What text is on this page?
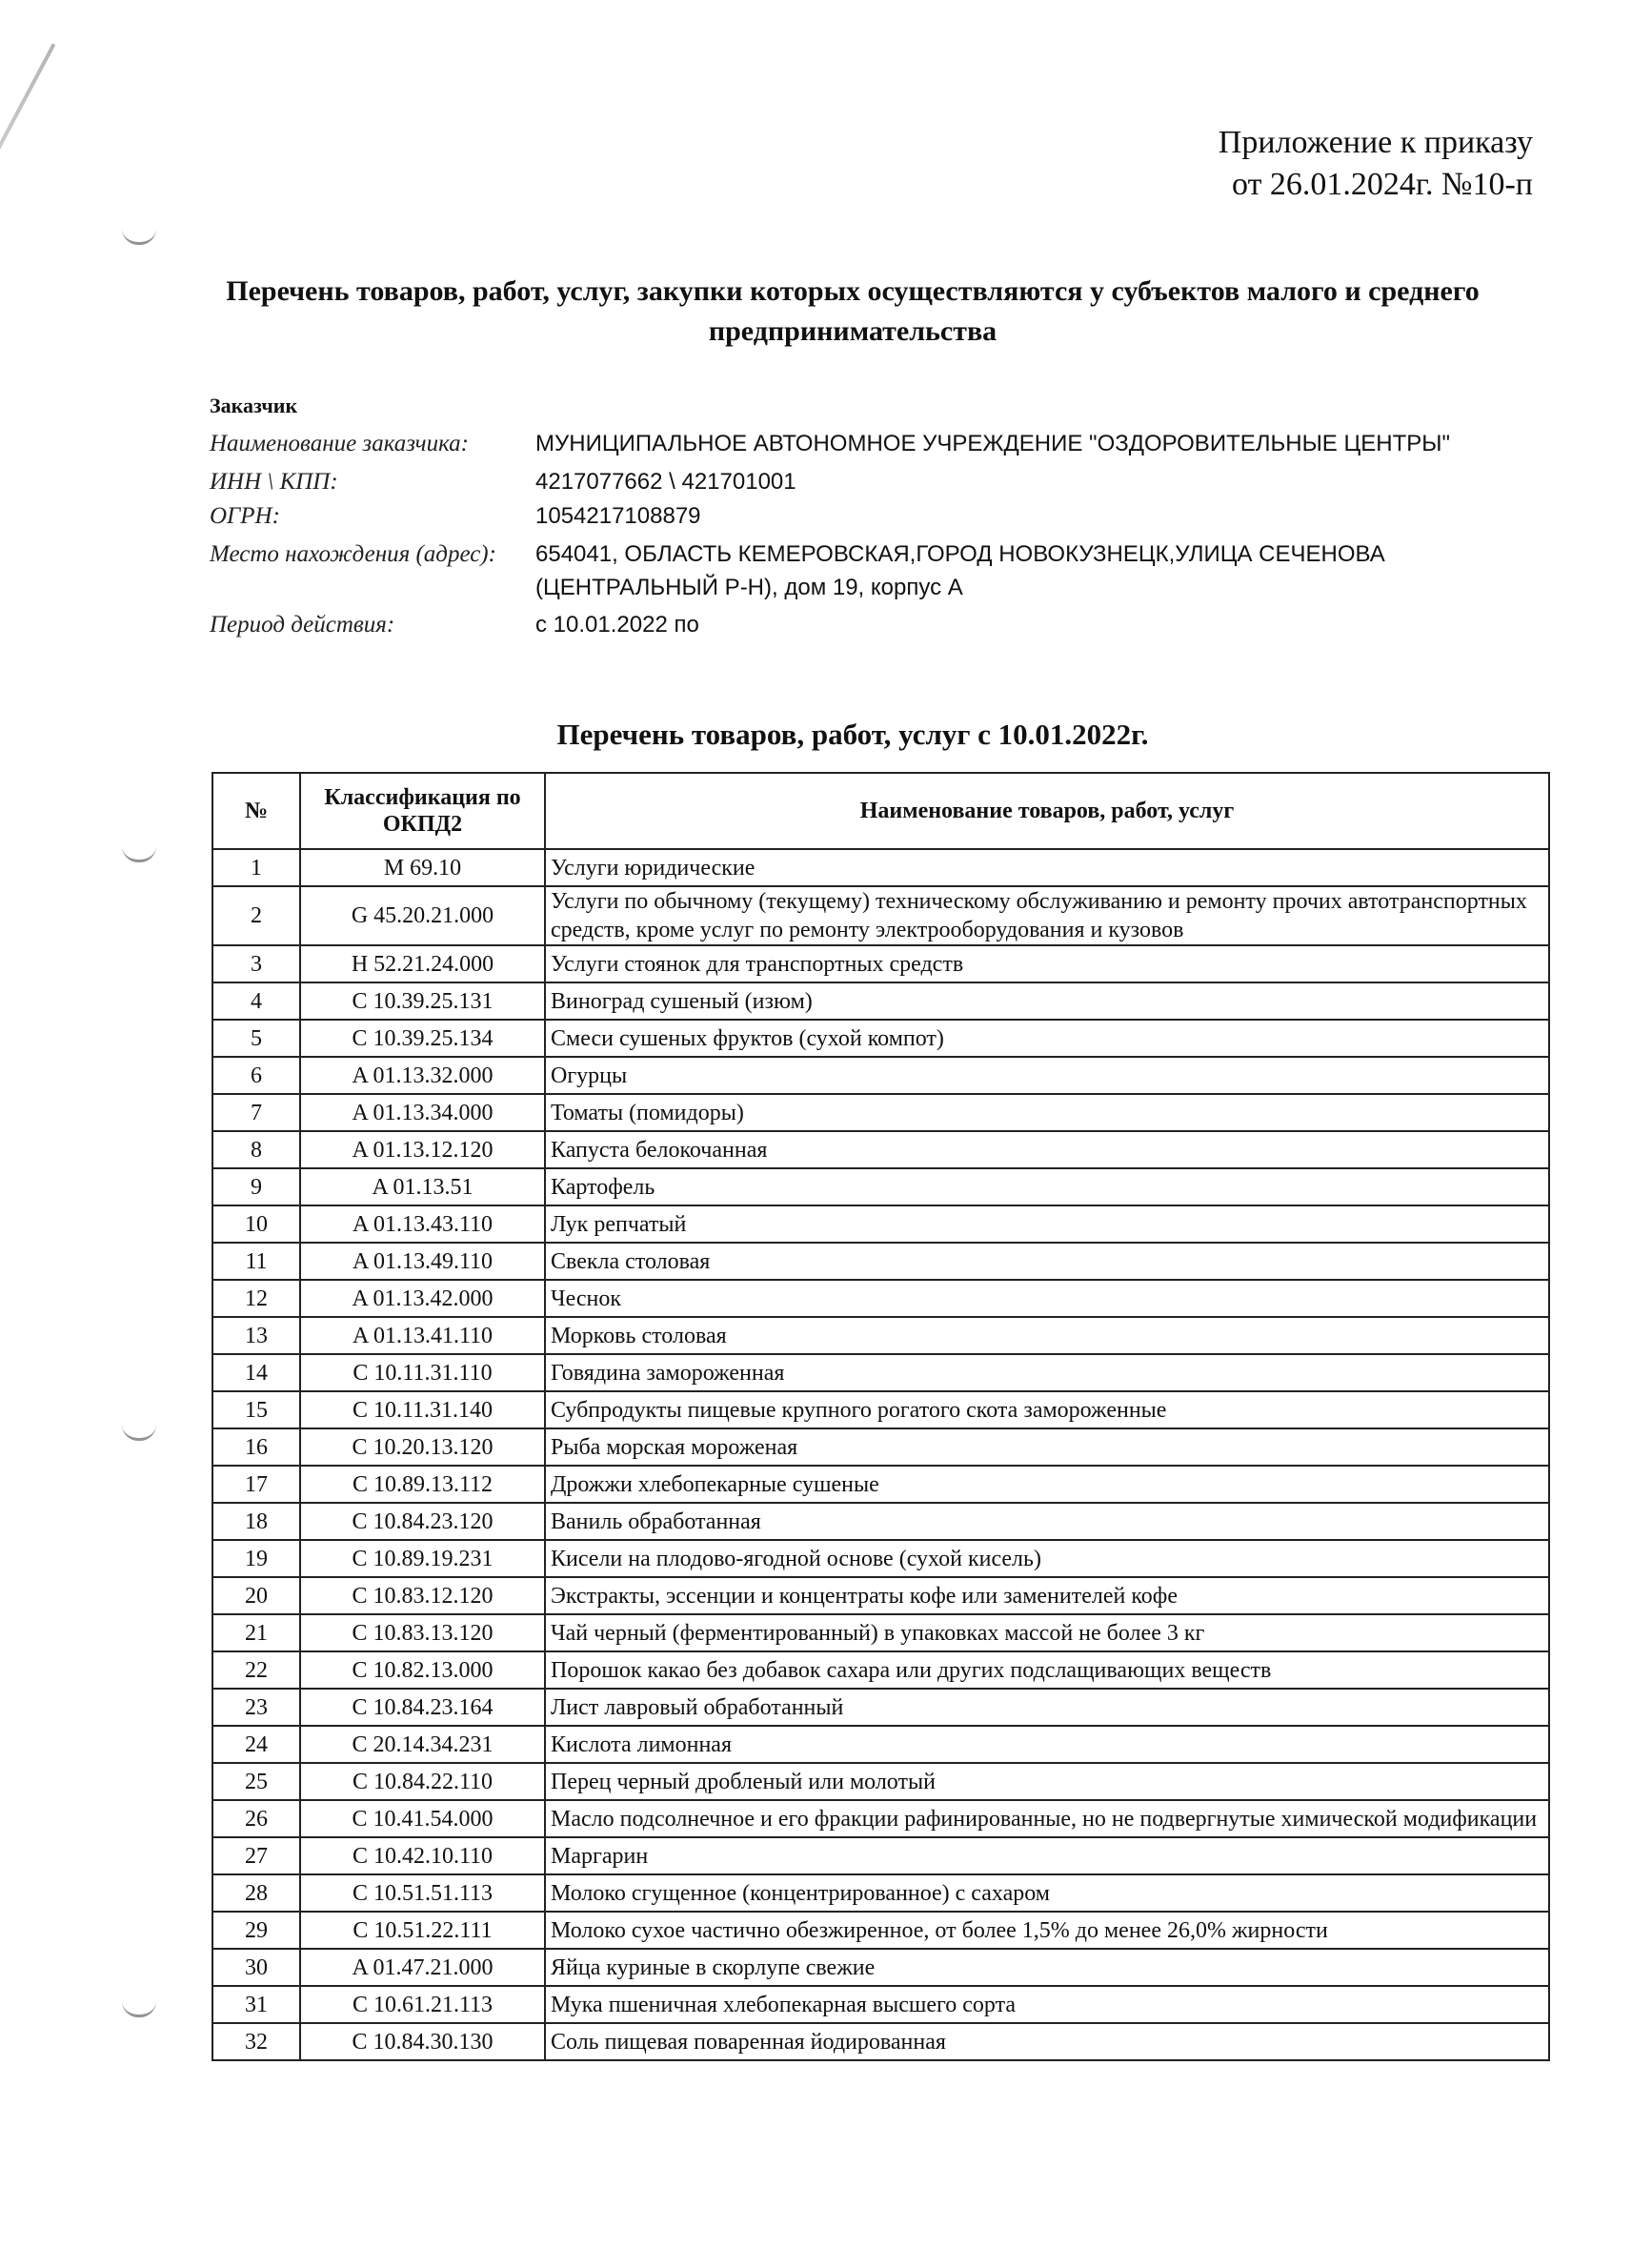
Приложение к приказу
от 26.01.2024г. №10-п
Перечень товаров, работ, услуг, закупки которых осуществляются у субъектов малого и среднего предпринимательства
Заказчик
Наименование заказчика:	МУНИЦИПАЛЬНОЕ АВТОНОМНОЕ УЧРЕЖДЕНИЕ "ОЗДОРОВИТЕЛЬНЫЕ ЦЕНТРЫ"
ИНН \ КПП:	4217077662 \ 421701001
ОГРН:	1054217108879
Место нахождения (адрес):	654041, ОБЛАСТЬ КЕМЕРОВСКАЯ,ГОРОД НОВОКУЗНЕЦК,УЛИЦА СЕЧЕНОВА (ЦЕНТРАЛЬНЫЙ Р-Н), дом 19, корпус А
Период действия:	с 10.01.2022 по
Перечень товаров, работ, услуг с 10.01.2022г.
№	Классификация по ОКПД2	Наименование товаров, работ, услуг
1	M 69.10	Услуги юридические
2	G 45.20.21.000	Услуги по обычному (текущему) техническому обслуживанию и ремонту прочих автотранспортных средств, кроме услуг по ремонту электрооборудования и кузовов
3	H 52.21.24.000	Услуги стоянок для транспортных средств
4	C 10.39.25.131	Виноград сушеный (изюм)
5	C 10.39.25.134	Смеси сушеных фруктов (сухой компот)
6	A 01.13.32.000	Огурцы
7	A 01.13.34.000	Томаты (помидоры)
8	A 01.13.12.120	Капуста белокочанная
9	A 01.13.51	Картофель
10	A 01.13.43.110	Лук репчатый
11	A 01.13.49.110	Свекла столовая
12	A 01.13.42.000	Чеснок
13	A 01.13.41.110	Морковь столовая
14	C 10.11.31.110	Говядина замороженная
15	C 10.11.31.140	Субпродукты пищевые крупного рогатого скота замороженные
16	C 10.20.13.120	Рыба морская мороженая
17	C 10.89.13.112	Дрожжи хлебопекарные сушеные
18	C 10.84.23.120	Ваниль обработанная
19	C 10.89.19.231	Кисели на плодово-ягодной основе (сухой кисель)
20	C 10.83.12.120	Экстракты, эссенции и концентраты кофе или заменителей кофе
21	C 10.83.13.120	Чай черный (ферментированный) в упаковках массой не более 3 кг
22	C 10.82.13.000	Порошок какао без добавок сахара или других подслащивающих веществ
23	C 10.84.23.164	Лист лавровый обработанный
24	C 20.14.34.231	Кислота лимонная
25	C 10.84.22.110	Перец черный дробленый или молотый
26	C 10.41.54.000	Масло подсолнечное и его фракции рафинированные, но не подвергнутые химической модификации
27	C 10.42.10.110	Маргарин
28	C 10.51.51.113	Молоко сгущенное (концентрированное) с сахаром
29	C 10.51.22.111	Молоко сухое частично обезжиренное, от более 1,5% до менее 26,0% жирности
30	A 01.47.21.000	Яйца куриные в скорлупе свежие
31	C 10.61.21.113	Мука пшеничная хлебопекарная высшего сорта
32	C 10.84.30.130	Соль пищевая поваренная йодированная
